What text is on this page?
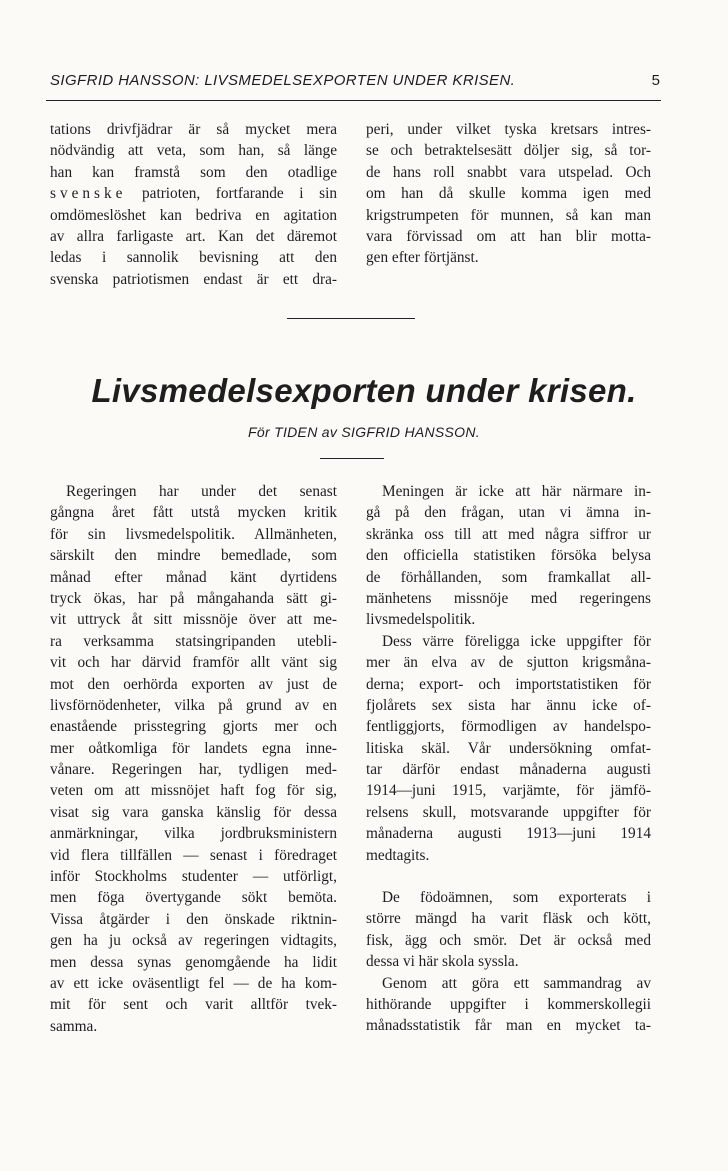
SIGFRID HANSSON: LIVSMEDELSEXPORTEN UNDER KRISEN.	5
tations drivfjädrar är så mycket mera
nödvändig att veta, som han, så länge
han kan framstå som den otadlige
svenske patrioten, fortfarande i sin
omdömeslöshet kan bedriva en agitation
av allra farligaste art. Kan det däremot
ledas i sannolik bevisning att den
svenska patriotismen endast är ett dra-
peri, under vilket tyska kretsars intres-
se och betraktelsesätt döljer sig, så tor-
de hans roll snabbt vara utspelad. Och
om han då skulle komma igen med
krigstrumpeten för munnen, så kan man
vara förvissad om att han blir motta-
gen efter förtjänst.
Livsmedelsexporten under krisen.
För TIDEN av SIGFRID HANSSON.
Regeringen har under det senast
gångna året fått utstå mycken kritik
för sin livsmedelspolitik. Allmänheten,
särskilt den mindre bemedlade, som
månad efter månad känt dyrtidens
tryck ökas, har på mångahanda sätt gi-
vit uttryck åt sitt missnöje över att me-
ra verksamma statsingripanden utebli-
vit och har därvid framför allt vänt sig
mot den oerhörda exporten av just de
livsförnödenheter, vilka på grund av en
enastående prisstegring gjorts mer och
mer oåtkomliga för landets egna inne-
vånare. Regeringen har, tydligen med-
veten om att missnöjet haft fog för sig,
visat sig vara ganska känslig för dessa
anmärkningar, vilka jordbruksministern
vid flera tillfällen — senast i föredraget
inför Stockholms studenter — utförligt,
men föga övertygande sökt bemöta.
Vissa åtgärder i den önskade riktnin-
gen ha ju också av regeringen vidtagits,
men dessa synas genomgående ha lidit
av ett icke oväsentligt fel — de ha kom-
mit för sent och varit alltför tvek-
samma.
Meningen är icke att här närmare in-
gå på den frågan, utan vi ämna in-
skränka oss till att med några siffror ur
den officiella statistiken försöka belysa
de förhållanden, som framkallat all-
mänhetens missnöje med regeringens
livsmedelspolitik.
Dess värre föreligga icke uppgifter för
mer än elva av de sjutton krigsmåna-
derna; export- och importstatistiken för
fjolårets sex sista har ännu icke of-
fentliggjorts, förmodligen av handelspo-
litiska skäl. Vår undersökning omfat-
tar därför endast månaderna augusti
1914—juni 1915, varjämte, för jämfö-
relsens skull, motsvarande uppgifter för
månaderna augusti 1913—juni 1914
medtagits.
De födoämnen, som exporterats i
större mängd ha varit fläsk och kött,
fisk, ägg och smör. Det är också med
dessa vi här skola syssla.
Genom att göra ett sammandrag av
hithörande uppgifter i kommerskollegii
månadsstatistik får man en mycket ta-
